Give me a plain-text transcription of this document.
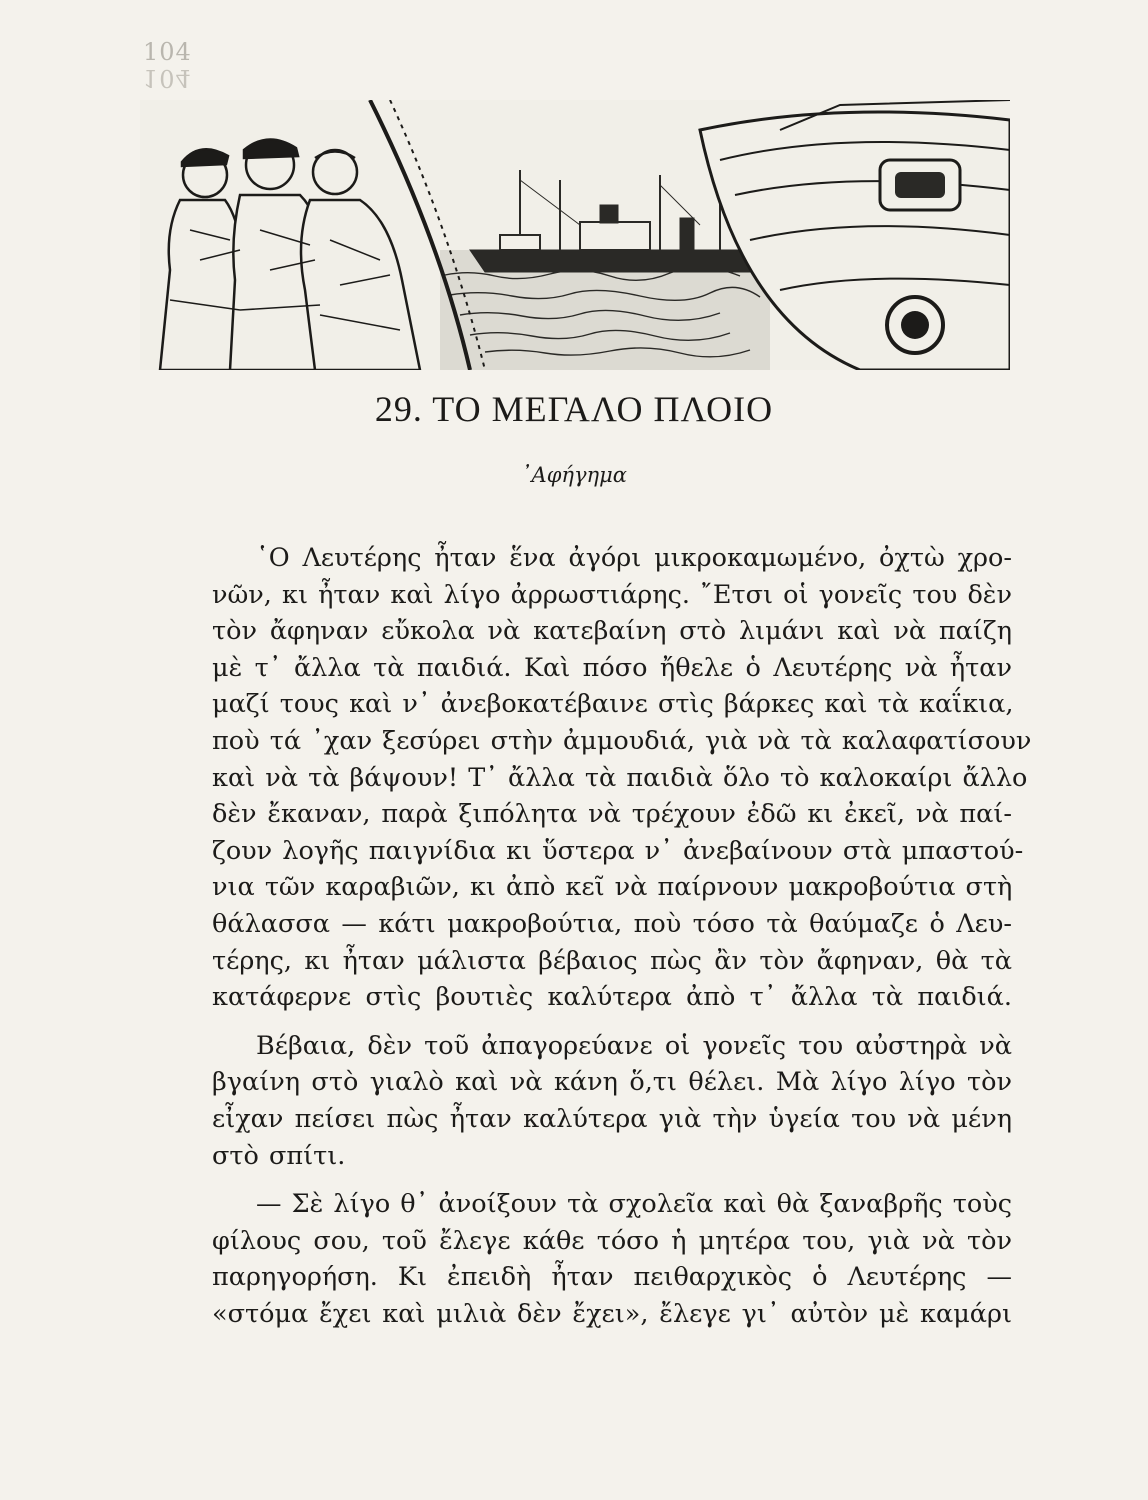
104
104
29. ΤΟ ΜΕΓΑΛΟ ΠΛΟΙΟ
᾿Αφήγημα
῾Ο Λευτέρης ἦταν ἕνα ἀγόρι μικροκαμωμένο, ὀχτὼ χρο-
νῶν, κι ἦταν καὶ λίγο ἀρρωστιάρης. ῎Ετσι οἱ γονεῖς του δὲν
τὸν ἄφηναν εὔκολα νὰ κατεβαίνη στὸ λιμάνι καὶ νὰ παίζη
μὲ τ᾿ ἄλλα τὰ παιδιά. Καὶ πόσο ἤθελε ὁ Λευτέρης νὰ ἦταν
μαζί τους καὶ ν᾿ ἀνεβοκατέβαινε στὶς βάρκες καὶ τὰ καΐκια,
ποὺ τά ᾿χαν ξεσύρει στὴν ἀμμουδιά, γιὰ νὰ τὰ καλαφατίσουν
καὶ νὰ τὰ βάψουν! Τ᾿ ἄλλα τὰ παιδιὰ ὅλο τὸ καλοκαίρι ἄλλο
δὲν ἔκαναν, παρὰ ξιπόλητα νὰ τρέχουν ἐδῶ κι ἐκεῖ, νὰ παί-
ζουν λογῆς παιγνίδια κι ὕστερα ν᾿ ἀνεβαίνουν στὰ μπαστού-
νια τῶν καραβιῶν, κι ἀπὸ κεῖ νὰ παίρνουν μακροβούτια στὴ
θάλασσα — κάτι μακροβούτια, ποὺ τόσο τὰ θαύμαζε ὁ Λευ-
τέρης, κι ἦταν μάλιστα βέβαιος πὼς ἂν τὸν ἄφηναν, θὰ τὰ
κατάφερνε στὶς βουτιὲς καλύτερα ἀπὸ τ᾿ ἄλλα τὰ παιδιά.
Βέβαια, δὲν τοῦ ἀπαγορεύανε οἱ γονεῖς του αὐστηρὰ νὰ
βγαίνη στὸ γιαλὸ καὶ νὰ κάνη ὅ,τι θέλει. Μὰ λίγο λίγο τὸν
εἶχαν πείσει πὼς ἦταν καλύτερα γιὰ τὴν ὑγεία του νὰ μένη
στὸ σπίτι.
— Σὲ λίγο θ᾿ ἀνοίξουν τὰ σχολεῖα καὶ θὰ ξαναβρῆς τοὺς
φίλους σου, τοῦ ἔλεγε κάθε τόσο ἡ μητέρα του, γιὰ νὰ τὸν
παρηγορήση. Κι ἐπειδὴ ἦταν πειθαρχικὸς ὁ Λευτέρης —
«στόμα ἔχει καὶ μιλιὰ δὲν ἔχει», ἔλεγε γι᾿ αὐτὸν μὲ καμάρι
